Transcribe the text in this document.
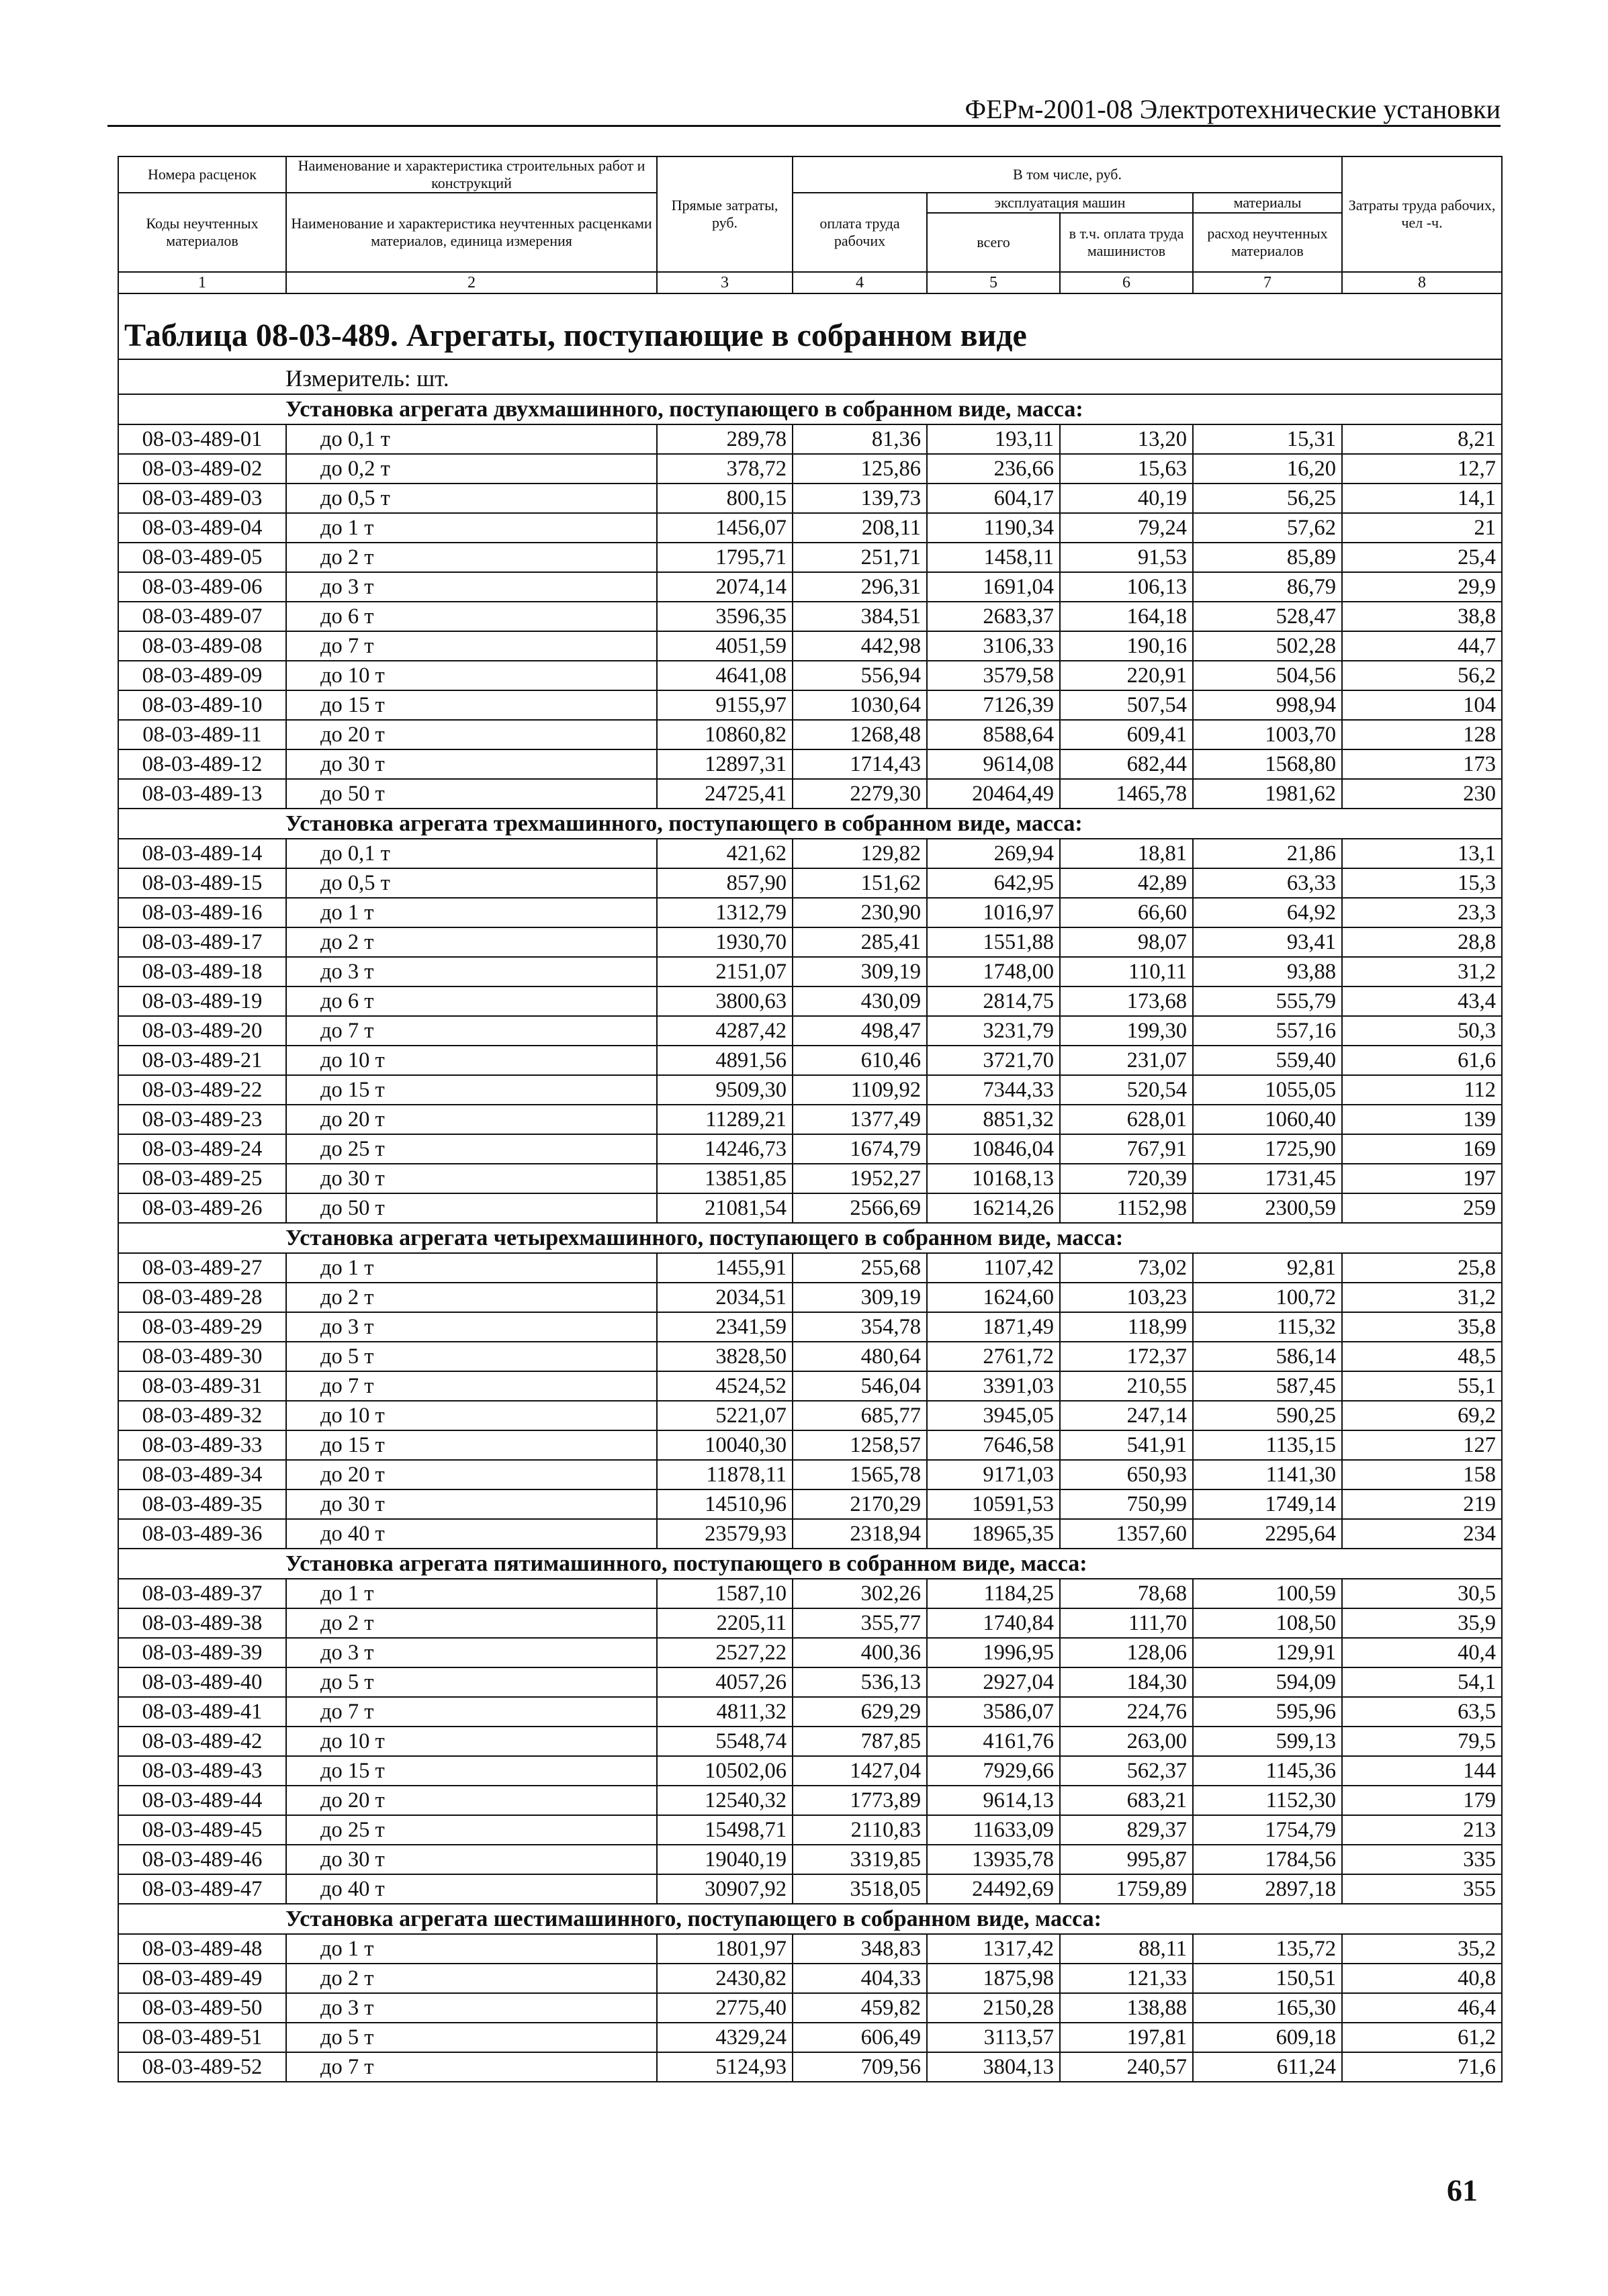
ФЕРм-2001-08 Электротехнические установки
Номера расценок	Наименование и характеристика строительных работ и конструкций	Прямые затраты, руб.	В том числе, руб.				Затраты труда рабочих, чел -ч.
Коды неучтенных материалов	Наименование и характеристика неучтенных расценками материалов, единица измерения		оплата труда рабочих	эксплуатация машин		материалы	
				всего	в т.ч. оплата труда машинистов	расход неучтенных материалов	

1	2	3	4	5	6	7	8
Таблица 08-03-489. Агрегаты, поступающие в собранном виде							
Измеритель: шт.							
Установка агрегата двухмашинного, поступающего в собранном виде, масса:							
08-03-489-01	до 0,1 т	289,78	81,36	193,11	13,20	15,31	8,21
08-03-489-02	до 0,2 т	378,72	125,86	236,66	15,63	16,20	12,7
08-03-489-03	до 0,5 т	800,15	139,73	604,17	40,19	56,25	14,1
08-03-489-04	до 1 т	1456,07	208,11	1190,34	79,24	57,62	21
08-03-489-05	до 2 т	1795,71	251,71	1458,11	91,53	85,89	25,4
08-03-489-06	до 3 т	2074,14	296,31	1691,04	106,13	86,79	29,9
08-03-489-07	до 6 т	3596,35	384,51	2683,37	164,18	528,47	38,8
08-03-489-08	до 7 т	4051,59	442,98	3106,33	190,16	502,28	44,7
08-03-489-09	до 10 т	4641,08	556,94	3579,58	220,91	504,56	56,2
08-03-489-10	до 15 т	9155,97	1030,64	7126,39	507,54	998,94	104
08-03-489-11	до 20 т	10860,82	1268,48	8588,64	609,41	1003,70	128
08-03-489-12	до 30 т	12897,31	1714,43	9614,08	682,44	1568,80	173
08-03-489-13	до 50 т	24725,41	2279,30	20464,49	1465,78	1981,62	230
Установка агрегата трехмашинного, поступающего в собранном виде, масса:							
08-03-489-14	до 0,1 т	421,62	129,82	269,94	18,81	21,86	13,1
08-03-489-15	до 0,5 т	857,90	151,62	642,95	42,89	63,33	15,3
08-03-489-16	до 1 т	1312,79	230,90	1016,97	66,60	64,92	23,3
08-03-489-17	до 2 т	1930,70	285,41	1551,88	98,07	93,41	28,8
08-03-489-18	до 3 т	2151,07	309,19	1748,00	110,11	93,88	31,2
08-03-489-19	до 6 т	3800,63	430,09	2814,75	173,68	555,79	43,4
08-03-489-20	до 7 т	4287,42	498,47	3231,79	199,30	557,16	50,3
08-03-489-21	до 10 т	4891,56	610,46	3721,70	231,07	559,40	61,6
08-03-489-22	до 15 т	9509,30	1109,92	7344,33	520,54	1055,05	112
08-03-489-23	до 20 т	11289,21	1377,49	8851,32	628,01	1060,40	139
08-03-489-24	до 25 т	14246,73	1674,79	10846,04	767,91	1725,90	169
08-03-489-25	до 30 т	13851,85	1952,27	10168,13	720,39	1731,45	197
08-03-489-26	до 50 т	21081,54	2566,69	16214,26	1152,98	2300,59	259
Установка агрегата четырехмашинного, поступающего в собранном виде, масса:							
08-03-489-27	до 1 т	1455,91	255,68	1107,42	73,02	92,81	25,8
08-03-489-28	до 2 т	2034,51	309,19	1624,60	103,23	100,72	31,2
08-03-489-29	до 3 т	2341,59	354,78	1871,49	118,99	115,32	35,8
08-03-489-30	до 5 т	3828,50	480,64	2761,72	172,37	586,14	48,5
08-03-489-31	до 7 т	4524,52	546,04	3391,03	210,55	587,45	55,1
08-03-489-32	до 10 т	5221,07	685,77	3945,05	247,14	590,25	69,2
08-03-489-33	до 15 т	10040,30	1258,57	7646,58	541,91	1135,15	127
08-03-489-34	до 20 т	11878,11	1565,78	9171,03	650,93	1141,30	158
08-03-489-35	до 30 т	14510,96	2170,29	10591,53	750,99	1749,14	219
08-03-489-36	до 40 т	23579,93	2318,94	18965,35	1357,60	2295,64	234
Установка агрегата пятимашинного, поступающего в собранном виде, масса:							
08-03-489-37	до 1 т	1587,10	302,26	1184,25	78,68	100,59	30,5
08-03-489-38	до 2 т	2205,11	355,77	1740,84	111,70	108,50	35,9
08-03-489-39	до 3 т	2527,22	400,36	1996,95	128,06	129,91	40,4
08-03-489-40	до 5 т	4057,26	536,13	2927,04	184,30	594,09	54,1
08-03-489-41	до 7 т	4811,32	629,29	3586,07	224,76	595,96	63,5
08-03-489-42	до 10 т	5548,74	787,85	4161,76	263,00	599,13	79,5
08-03-489-43	до 15 т	10502,06	1427,04	7929,66	562,37	1145,36	144
08-03-489-44	до 20 т	12540,32	1773,89	9614,13	683,21	1152,30	179
08-03-489-45	до 25 т	15498,71	2110,83	11633,09	829,37	1754,79	213
08-03-489-46	до 30 т	19040,19	3319,85	13935,78	995,87	1784,56	335
08-03-489-47	до 40 т	30907,92	3518,05	24492,69	1759,89	2897,18	355
Установка агрегата шестимашинного, поступающего в собранном виде, масса:							
08-03-489-48	до 1 т	1801,97	348,83	1317,42	88,11	135,72	35,2
08-03-489-49	до 2 т	2430,82	404,33	1875,98	121,33	150,51	40,8
08-03-489-50	до 3 т	2775,40	459,82	2150,28	138,88	165,30	46,4
08-03-489-51	до 5 т	4329,24	606,49	3113,57	197,81	609,18	61,2
08-03-489-52	до 7 т	5124,93	709,56	3804,13	240,57	611,24	71,6
61
